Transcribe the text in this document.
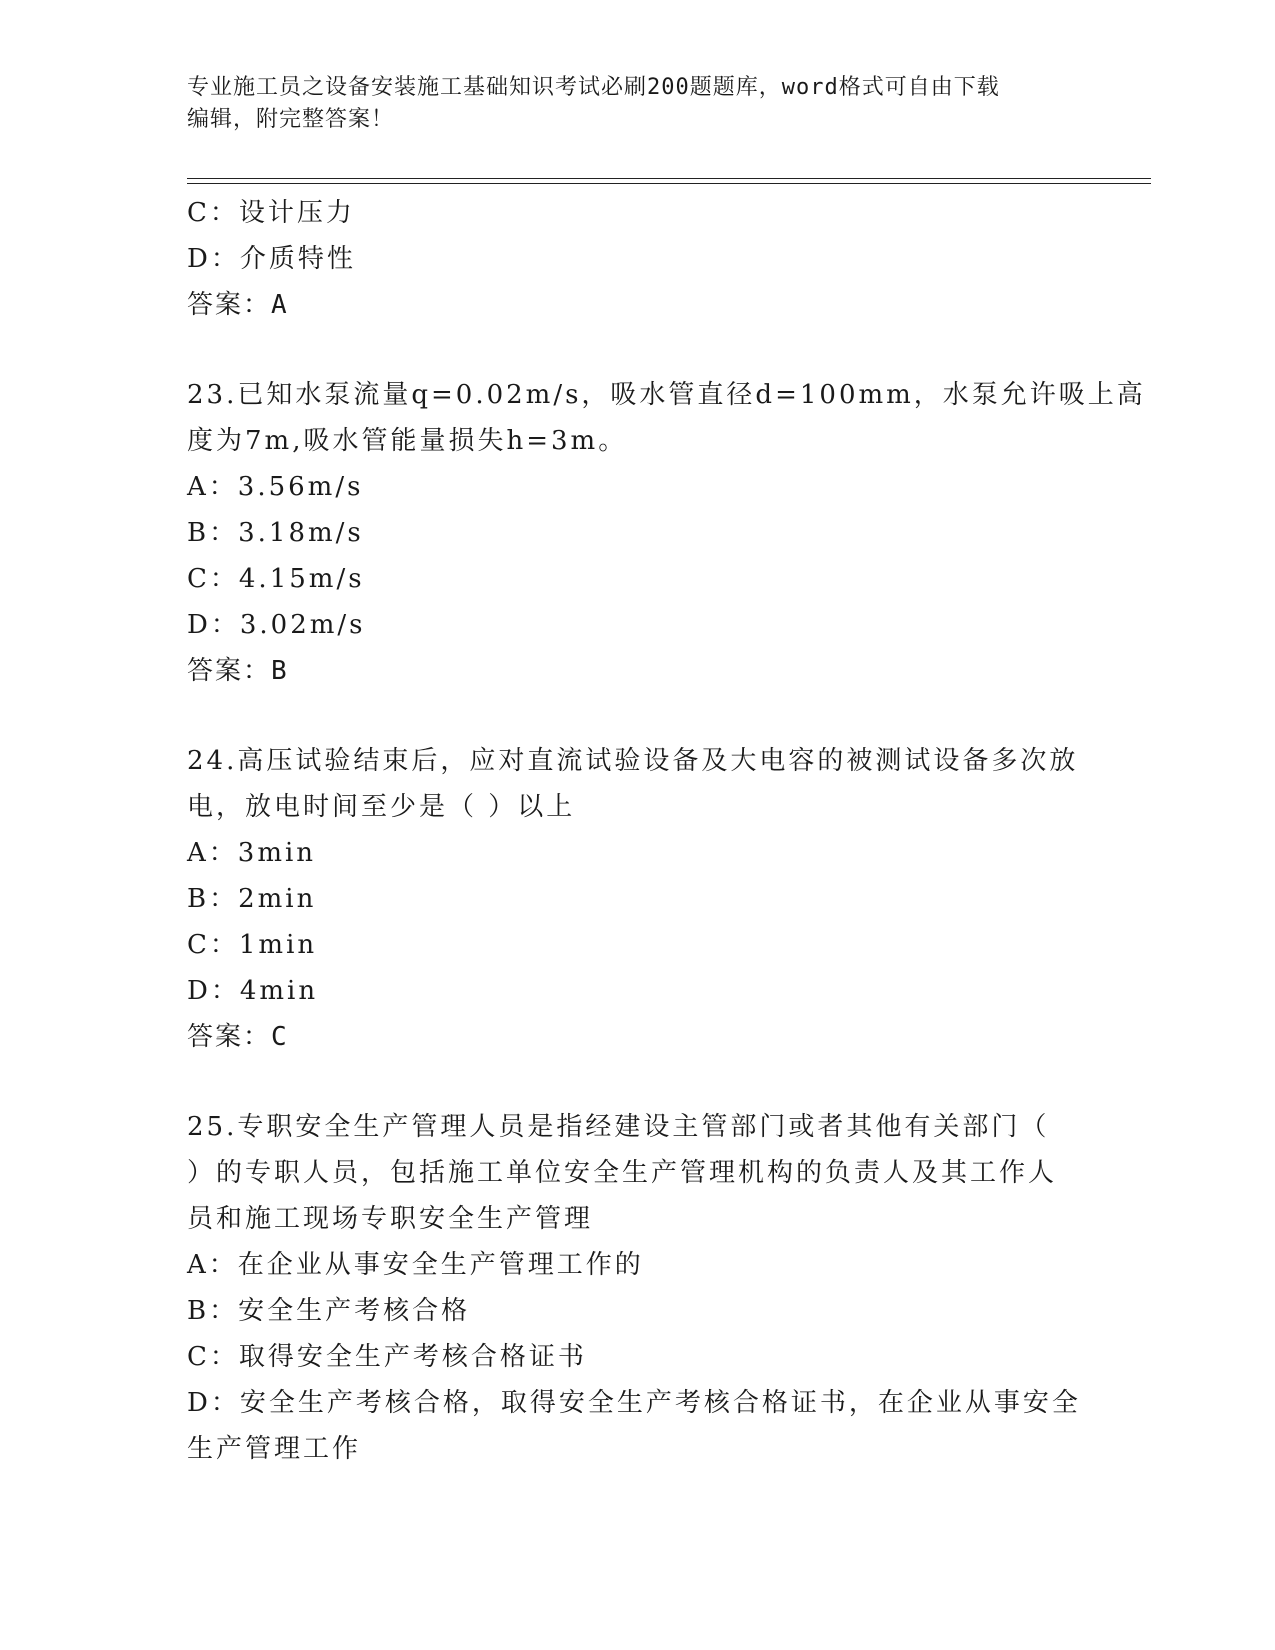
专业施工员之设备安装施工基础知识考试必刷200题题库，word格式可自由下载
编辑，附完整答案！
C：设计压力
D：介质特性
答案：A
23.已知水泵流量q=0.02m/s，吸水管直径d=100mm，水泵允许吸上高
度为7m,吸水管能量损失h=3m。
A：3.56m/s
B：3.18m/s
C：4.15m/s
D：3.02m/s
答案：B
24.高压试验结束后，应对直流试验设备及大电容的被测试设备多次放
电，放电时间至少是（ ）以上
A：3min
B：2min
C：1min
D：4min
答案：C
25.专职安全生产管理人员是指经建设主管部门或者其他有关部门（
）的专职人员，包括施工单位安全生产管理机构的负责人及其工作人
员和施工现场专职安全生产管理
A：在企业从事安全生产管理工作的
B：安全生产考核合格
C：取得安全生产考核合格证书
D：安全生产考核合格，取得安全生产考核合格证书，在企业从事安全
生产管理工作
